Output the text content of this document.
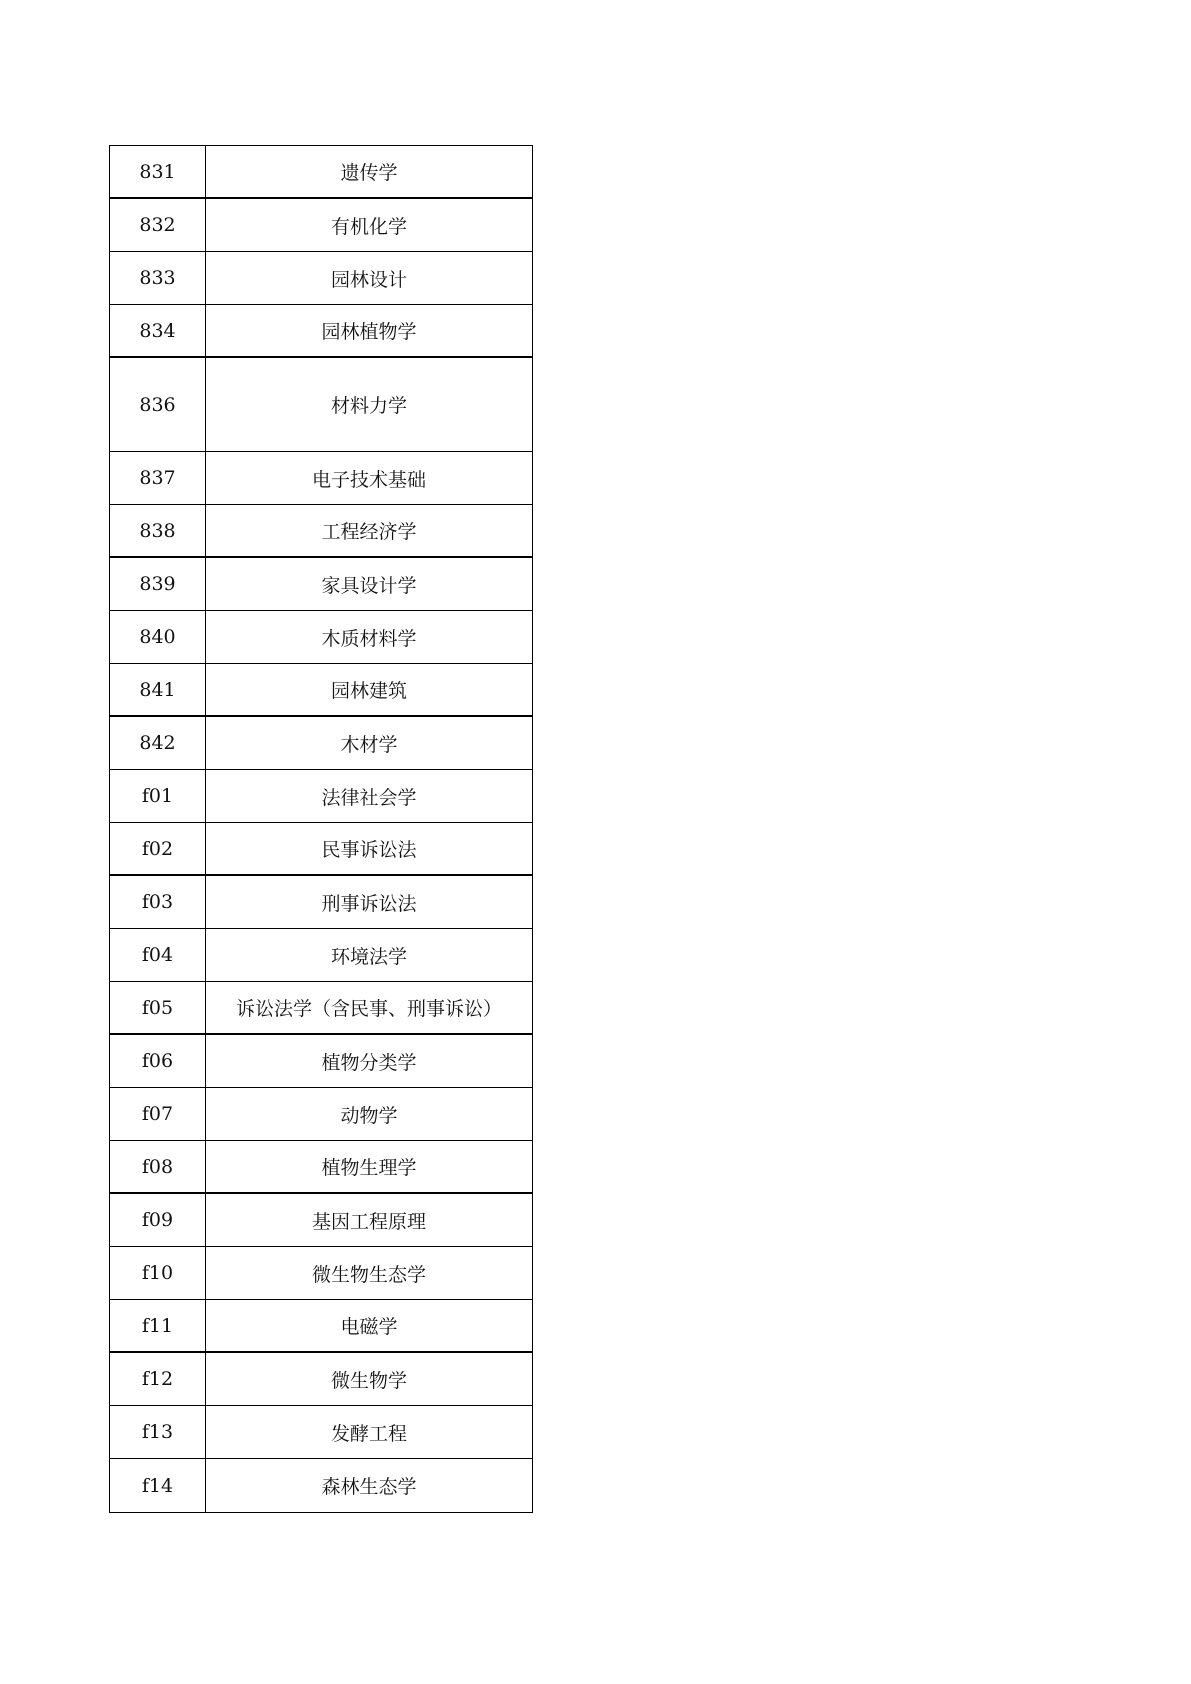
831	遗传学
832	有机化学
833	园林设计
834	园林植物学
836	材料力学
837	电子技术基础
838	工程经济学
839	家具设计学
840	木质材料学
841	园林建筑
842	木材学
f01	法律社会学
f02	民事诉讼法
f03	刑事诉讼法
f04	环境法学
f05	诉讼法学（含民事、刑事诉讼）
f06	植物分类学
f07	动物学
f08	植物生理学
f09	基因工程原理
f10	微生物生态学
f11	电磁学
f12	微生物学
f13	发酵工程
f14	森林生态学
